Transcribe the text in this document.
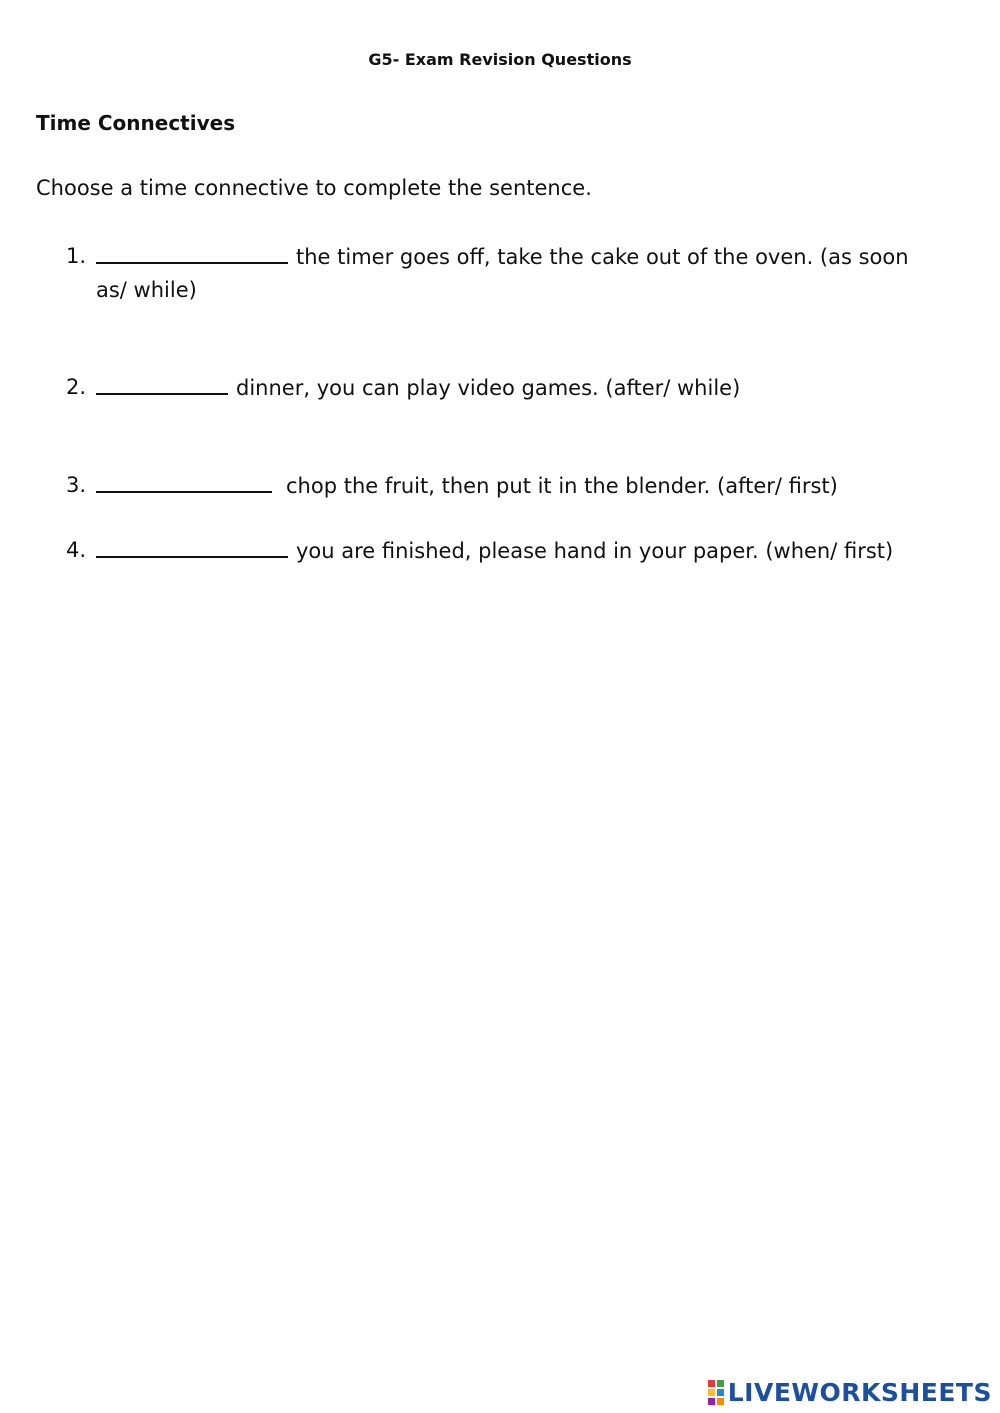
G5- Exam Revision Questions
Time Connectives
Choose a time connective to complete the sentence.
1.	the timer goes off, take the cake out of the oven. (as soon as/ while)
2.	dinner, you can play video games. (after/ while)
3.	chop the fruit, then put it in the blender. (after/ first)
4.	you are finished, please hand in your paper. (when/ first)
LIVEWORKSHEETS
